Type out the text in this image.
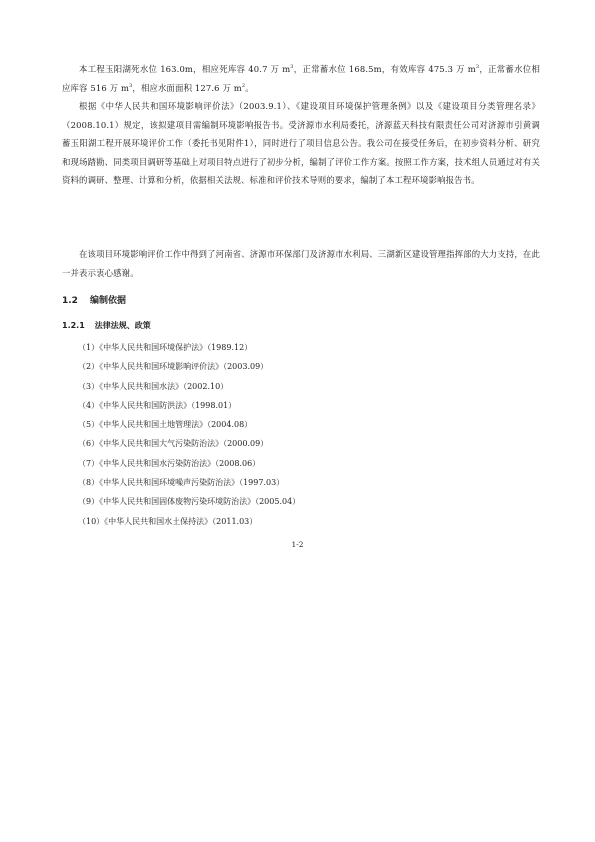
本工程玉阳湖死水位 163.0m，相应死库容 40.7 万 $m^3$，正常蓄水位 168.5m，有效库容 475.3 万 $m^3$，正常蓄水位相应库容 516 万 $m^3$，相应水面面积 127.6 万 $m^2$。

根据《中华人民共和国环境影响评价法》（2003.9.1）、《建设项目环境保护管理条例》以及《建设项目分类管理名录》（2008.10.1）规定，该拟建项目需编制环境影响报告书。受济源市水利局委托，济源蓝天科技有限责任公司对济源市引黄调蓄玉阳湖工程开展环境评价工作（委托书见附件1），同时进行了项目信息公告。我公司在接受任务后，在初步资料分析、研究和现场踏勘、同类项目调研等基础上对项目特点进行了初步分析，编制了评价工作方案。按照工作方案，技术组人员通过对有关资料的调研、整理、计算和分析，依据相关法规、标准和评价技术导则的要求，编制了本工程环境影响报告书。

在该项目环境影响评价工作中得到了河南省、济源市环保部门及济源市水利局、三湖新区建设管理指挥部的大力支持，在此一并表示衷心感谢。

1.2 编制依据
1.2.1 法律法规、政策
（1）《中华人民共和国环境保护法》（1989.12）
（2）《中华人民共和国环境影响评价法》（2003.09）
（3）《中华人民共和国水法》（2002.10）
（4）《中华人民共和国防洪法》（1998.01）
（5）《中华人民共和国土地管理法》（2004.08）
（6）《中华人民共和国大气污染防治法》（2000.09）
（7）《中华人民共和国水污染防治法》（2008.06）
（8）《中华人民共和国环境噪声污染防治法》（1997.03）
（9）《中华人民共和国固体废物污染环境防治法》（2005.04）
（10）《中华人民共和国水土保持法》（2011.03）
1-2
